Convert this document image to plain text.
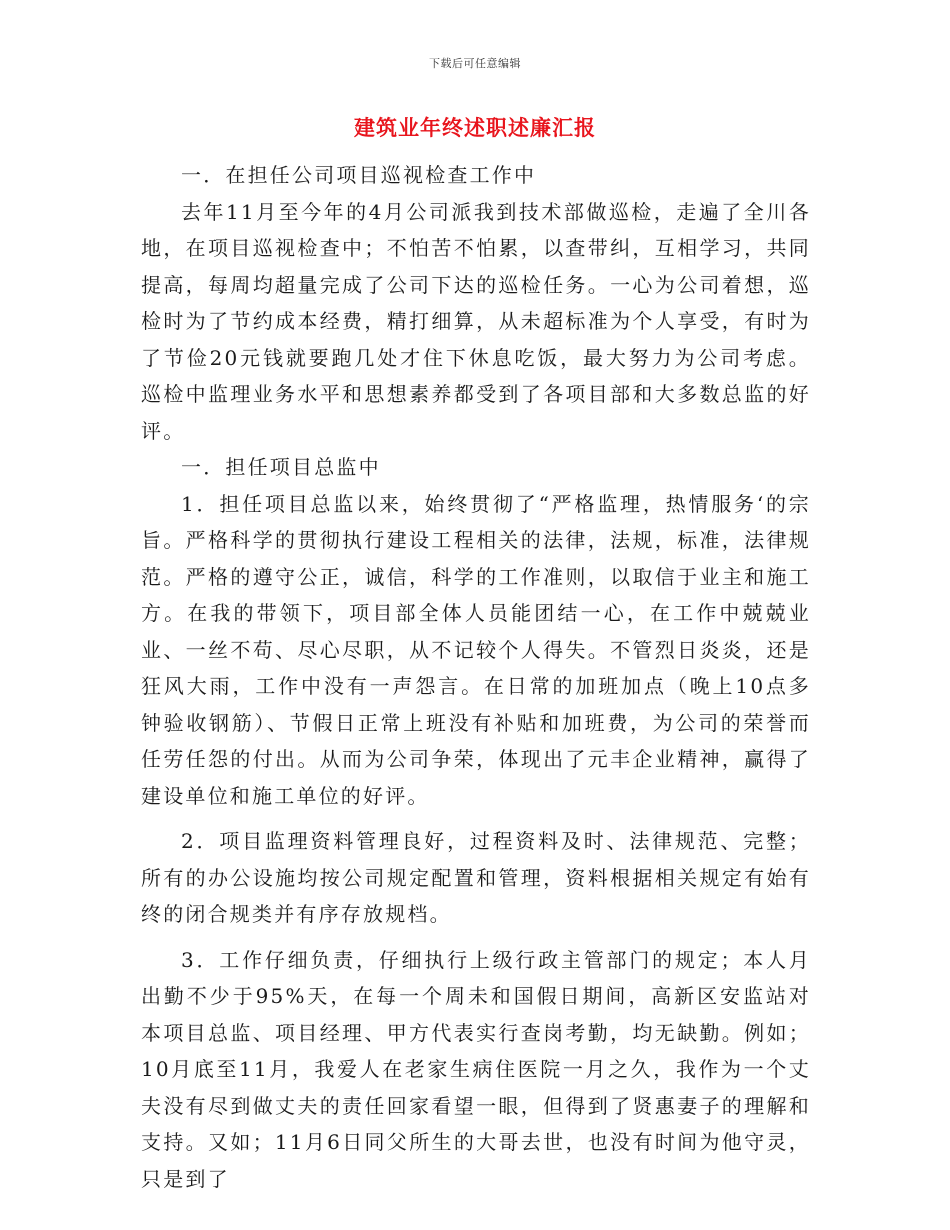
下载后可任意编辑
建筑业年终述职述廉汇报

一．在担任公司项目巡视检查工作中

去年11月至今年的4月公司派我到技术部做巡检，走遍了全川各地，在项目巡视检查中；不怕苦不怕累，以查带纠，互相学习，共同提高，每周均超量完成了公司下达的巡检任务。一心为公司着想，巡检时为了节约成本经费，精打细算，从未超标准为个人享受，有时为了节俭20元钱就要跑几处才住下休息吃饭，最大努力为公司考虑。巡检中监理业务水平和思想素养都受到了各项目部和大多数总监的好评。

一．担任项目总监中

1．担任项目总监以来，始终贯彻了“严格监理，热情服务‘的宗旨。严格科学的贯彻执行建设工程相关的法律，法规，标准，法律规范。严格的遵守公正，诚信，科学的工作准则，以取信于业主和施工方。在我的带领下，项目部全体人员能团结一心，在工作中兢兢业业、一丝不苟、尽心尽职，从不记较个人得失。不管烈日炎炎，还是狂风大雨，工作中没有一声怨言。在日常的加班加点（晚上10点多钟验收钢筋）、节假日正常上班没有补贴和加班费，为公司的荣誉而任劳任怨的付出。从而为公司争荣，体现出了元丰企业精神，赢得了建设单位和施工单位的好评。

2．项目监理资料管理良好，过程资料及时、法律规范、完整；所有的办公设施均按公司规定配置和管理，资料根据相关规定有始有终的闭合规类并有序存放规档。

3．工作仔细负责，仔细执行上级行政主管部门的规定；本人月出勤不少于95%天，在每一个周未和国假日期间，高新区安监站对本项目总监、项目经理、甲方代表实行查岗考勤，均无缺勤。例如；10月底至11月，我爱人在老家生病住医院一月之久，我作为一个丈夫没有尽到做丈夫的责任回家看望一眼，但得到了贤惠妻子的理解和支持。又如；11月6日同父所生的大哥去世，也没有时间为他守灵，只是到了
